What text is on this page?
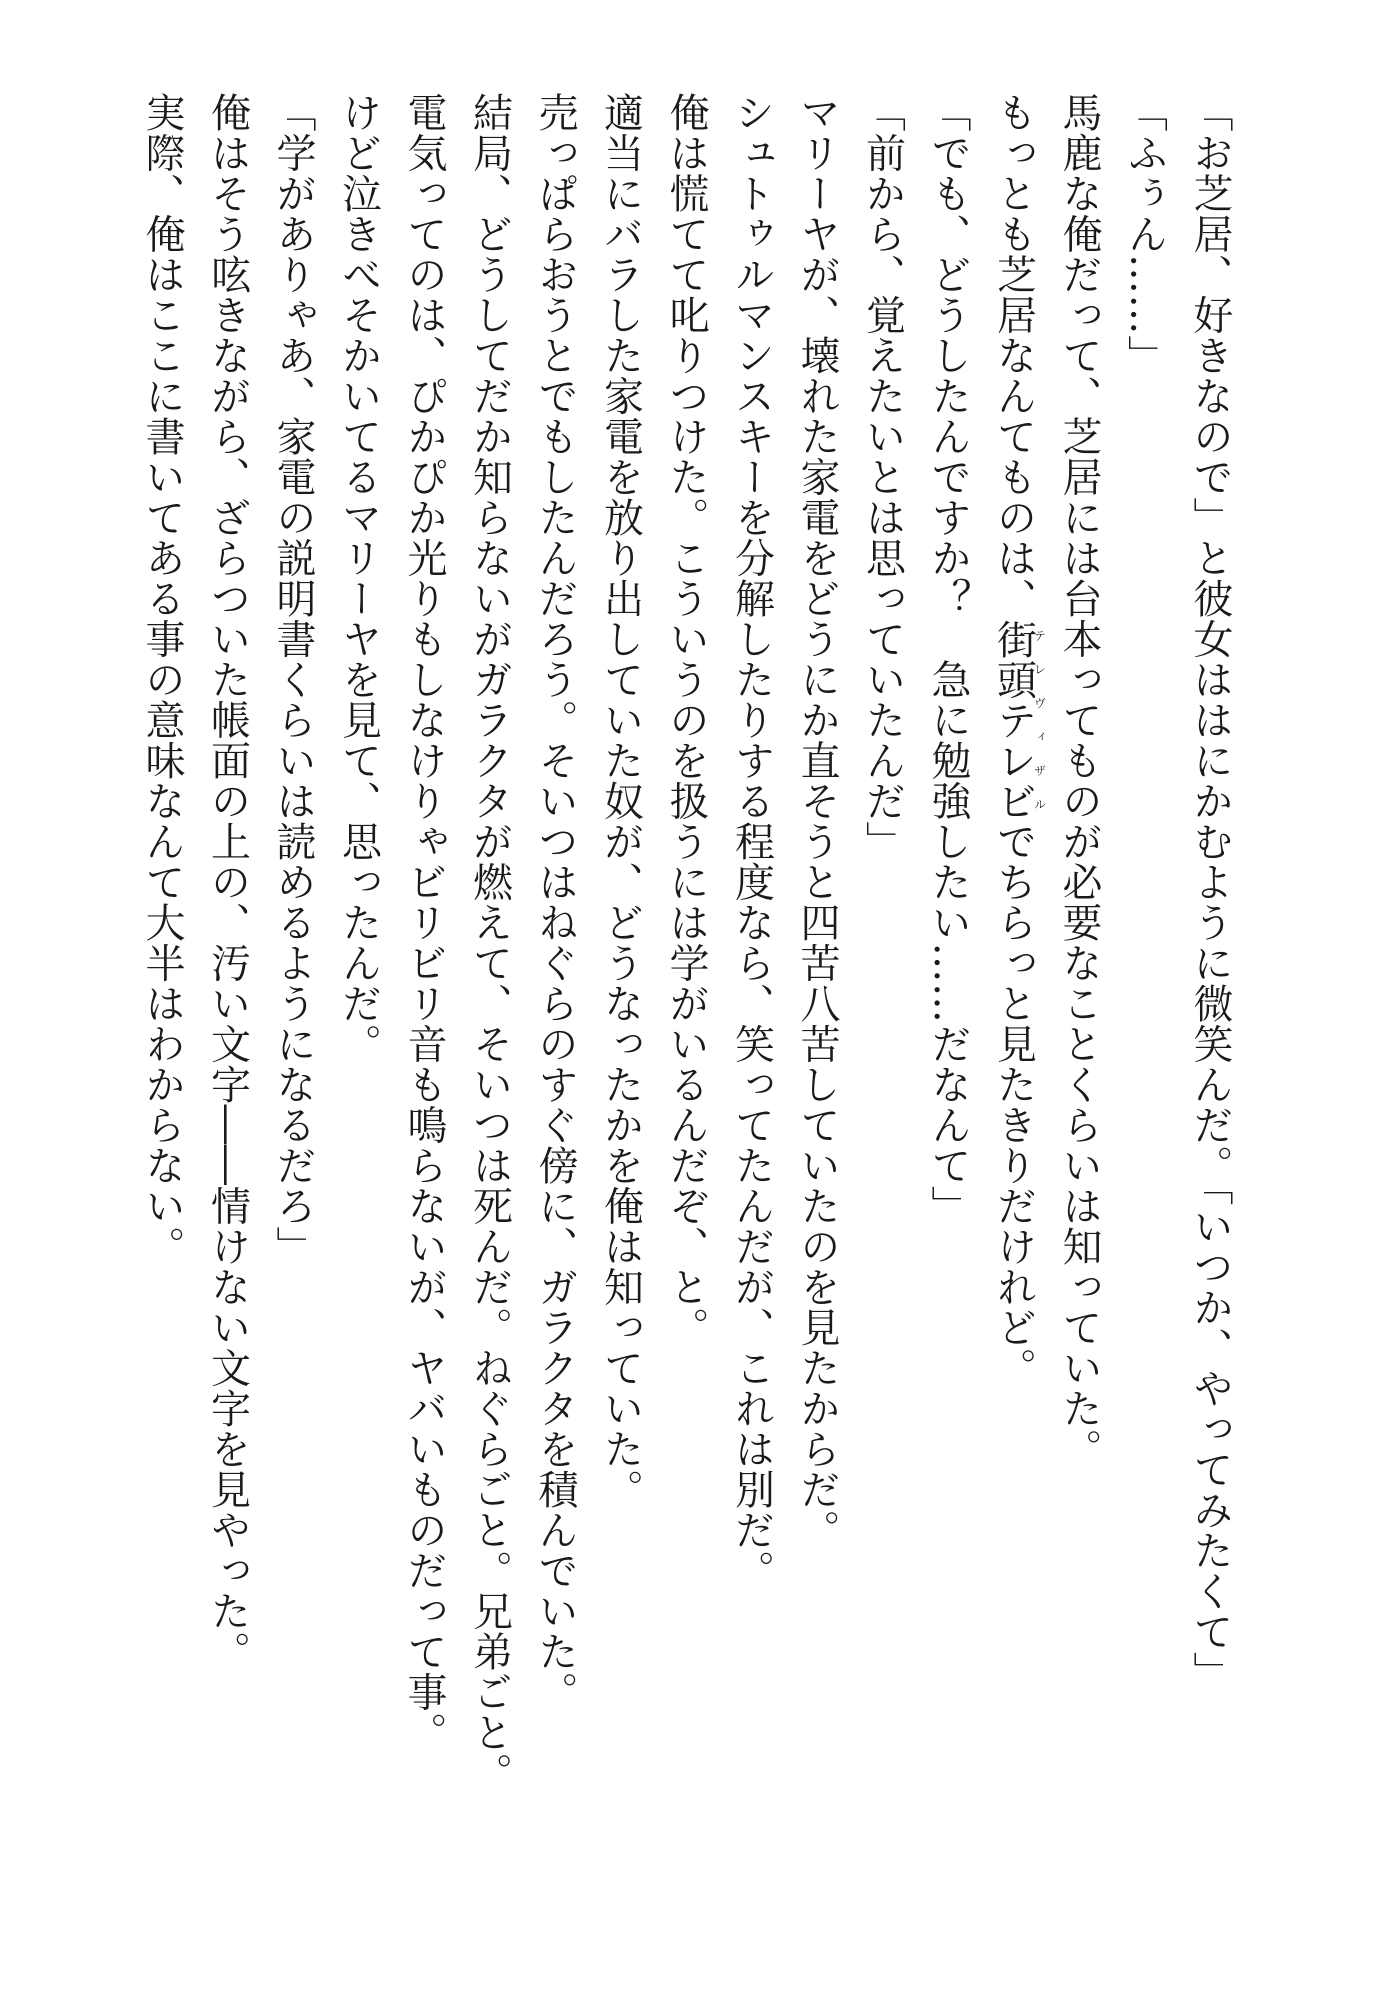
「お芝居、好きなので」と彼女ははにかむように微笑んだ。「いつか、やってみたくて」
「ふぅん……」
馬鹿な俺だって、芝居には台本ってものが必要なことくらいは知っていた。
もっとも芝居なんてものは、街頭テレビテレヴィザルでちらっと見たきりだけれど。
「でも、どうしたんですか？　急に勉強したい……だなんて」
「前から、覚えたいとは思っていたんだ」
マリーヤが、壊れた家電をどうにか直そうと四苦八苦していたのを見たからだ。
シュトゥルマンスキーを分解したりする程度なら、笑ってたんだが、これは別だ。
俺は慌てて叱りつけた。こういうのを扱うには学がいるんだぞ、と。
適当にバラした家電を放り出していた奴が、どうなったかを俺は知っていた。
売っぱらおうとでもしたんだろう。そいつはねぐらのすぐ傍に、ガラクタを積んでいた。
結局、どうしてだか知らないがガラクタが燃えて、そいつは死んだ。ねぐらごと。兄弟ごと。
電気ってのは、ぴかぴか光りもしなけりゃビリビリ音も鳴らないが、ヤバいものだって事。
けど泣きべそかいてるマリーヤを見て、思ったんだ。
「学がありゃあ、家電の説明書くらいは読めるようになるだろ」
俺はそう呟きながら、ざらついた帳面の上の、汚い文字――情けない文字を見やった。
実際、俺はここに書いてある事の意味なんて大半はわからない。
